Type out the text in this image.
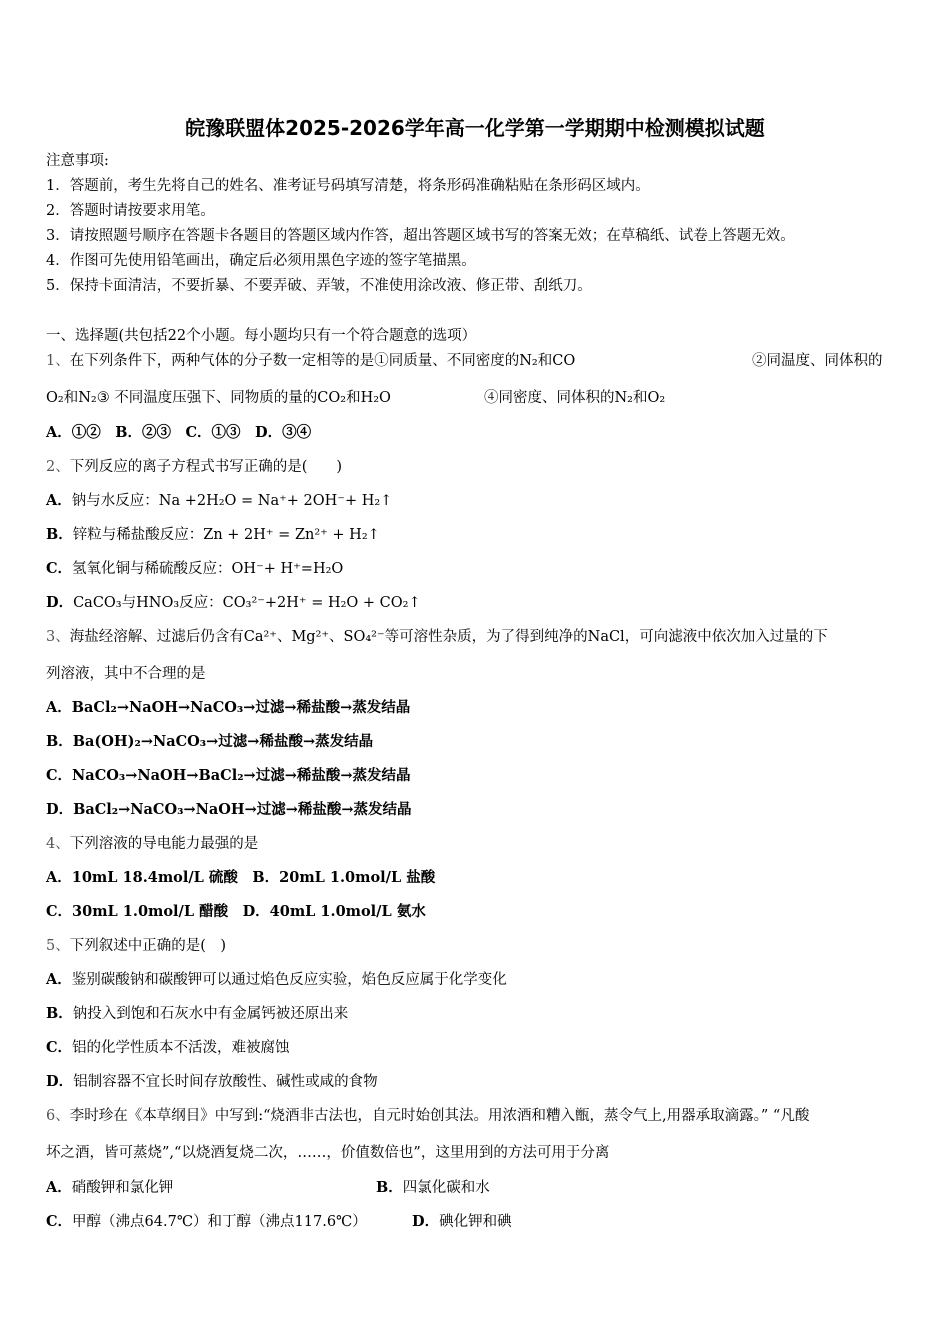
皖豫联盟体2025-2026学年高一化学第一学期期中检测模拟试题
注意事项:
1．答题前，考生先将自己的姓名、准考证号码填写清楚，将条形码准确粘贴在条形码区域内。
2．答题时请按要求用笔。
3．请按照题号顺序在答题卡各题目的答题区域内作答，超出答题区域书写的答案无效；在草稿纸、试卷上答题无效。
4．作图可先使用铅笔画出，确定后必须用黑色字迹的签字笔描黑。
5．保持卡面清洁，不要折暴、不要弄破、弄皱，不准使用涂改液、修正带、刮纸刀。
一、选择题(共包括22个小题。每小题均只有一个符合题意的选项）
1、在下列条件下，两种气体的分子数一定相等的是①同质量、不同密度的N₂和CO	②同温度、同体积的
O₂和N₂③ 不同温度压强下、同物质的量的CO₂和H₂O	④同密度、同体积的N₂和O₂
A．①②　B．②③　C．①③　D．③④
2、下列反应的离子方程式书写正确的是(　　)
A．钠与水反应：Na +2H₂O = Na⁺+ 2OH⁻+ H₂↑
B．锌粒与稀盐酸反应：Zn + 2H⁺ = Zn²⁺ + H₂↑
C．氢氧化铜与稀硫酸反应：OH⁻+ H⁺=H₂O
D．CaCO₃与HNO₃反应：CO₃²⁻+2H⁺ = H₂O + CO₂↑
3、海盐经溶解、过滤后仍含有Ca²⁺、Mg²⁺、SO₄²⁻等可溶性杂质，为了得到纯净的NaCl，可向滤液中依次加入过量的下
列溶液，其中不合理的是
A．BaCl₂→NaOH→NaCO₃→过滤→稀盐酸→蒸发结晶
B．Ba(OH)₂→NaCO₃→过滤→稀盐酸→蒸发结晶
C．NaCO₃→NaOH→BaCl₂→过滤→稀盐酸→蒸发结晶
D．BaCl₂→NaCO₃→NaOH→过滤→稀盐酸→蒸发结晶
4、下列溶液的导电能力最强的是
A．10mL 18.4mol/L 硫酸　B．20mL 1.0mol/L 盐酸
C．30mL 1.0mol/L 醋酸　D．40mL 1.0mol/L 氨水
5、下列叙述中正确的是(　)
A．鉴别碳酸钠和碳酸钾可以通过焰色反应实验，焰色反应属于化学变化
B．钠投入到饱和石灰水中有金属钙被还原出来
C．铝的化学性质本不活泼，难被腐蚀
D．铝制容器不宜长时间存放酸性、碱性或咸的食物
6、李时珍在《本草纲目》中写到:“烧酒非古法也，自元时始创其法。用浓酒和糟入甑，蒸令气上,用器承取滴露。” “凡酸
坏之酒，皆可蒸烧”,“以烧酒复烧二次，……，价值数倍也”，这里用到的方法可用于分离
A．硝酸钾和氯化钾	B．四氯化碳和水
C．甲醇（沸点64.7℃）和丁醇（沸点117.6℃）	D．碘化钾和碘
